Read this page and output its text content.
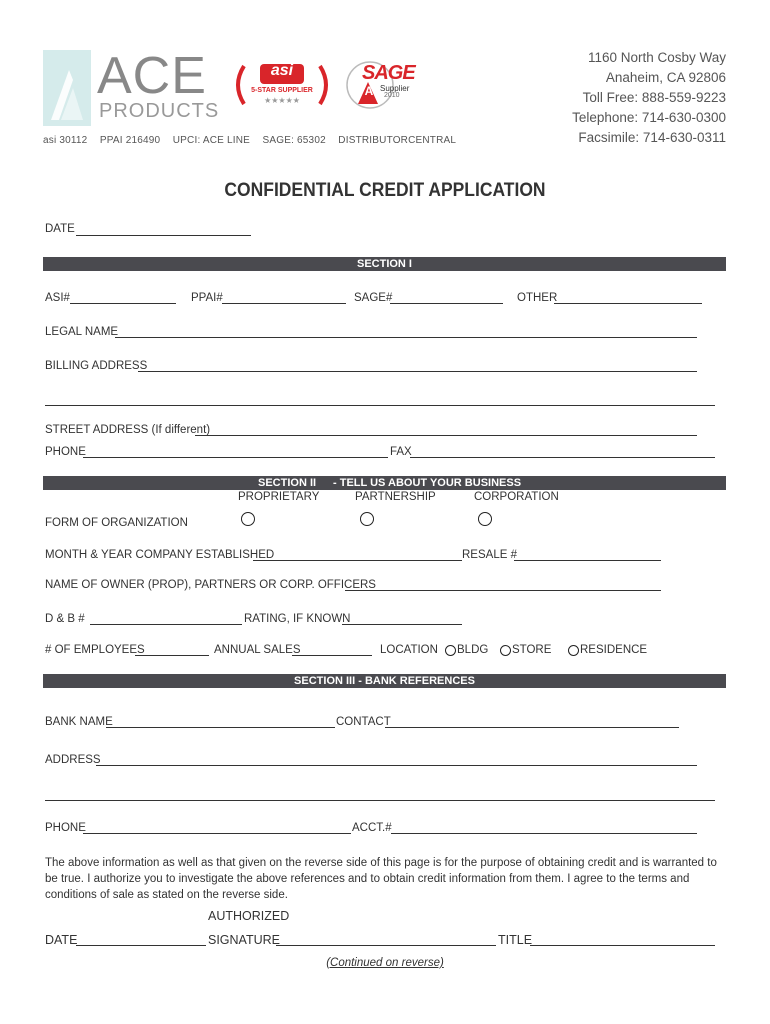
ACE
PRODUCTS
asi
5-STAR SUPPLIER
★★★★★
SAGE
A Supplier
2010
asi 30112 PPAI 216490 UPCI: ACE LINE SAGE: 65302 DISTRIBUTORCENTRAL
1160 North Cosby Way
Anaheim, CA 92806
Toll Free: 888-559-9223
Telephone: 714-630-0300
Facsimile: 714-630-0311
CONFIDENTIAL CREDIT APPLICATION
DATE
SECTION I
ASI#	PPAI#	SAGE#	OTHER
LEGAL NAME
BILLING ADDRESS
STREET ADDRESS (If different)
PHONE	FAX
SECTION II - TELL US ABOUT YOUR BUSINESS
PROPRIETARY	PARTNERSHIP	CORPORATION
FORM OF ORGANIZATION
MONTH & YEAR COMPANY ESTABLISHED	RESALE #
NAME OF OWNER (PROP), PARTNERS OR CORP. OFFICERS
D & B #	RATING, IF KNOWN
# OF EMPLOYEES	ANNUAL SALES	LOCATION BLDG STORE RESIDENCE
SECTION III - BANK REFERENCES
BANK NAME	CONTACT
ADDRESS
PHONE	ACCT.#
The above information as well as that given on the reverse side of this page is for the purpose of obtaining credit and is warranted to be true. I authorize you to investigate the above references and to obtain credit information from them. I agree to the terms and conditions of sale as stated on the reverse side.
AUTHORIZED
DATE	SIGNATURE	TITLE
(Continued on reverse)
